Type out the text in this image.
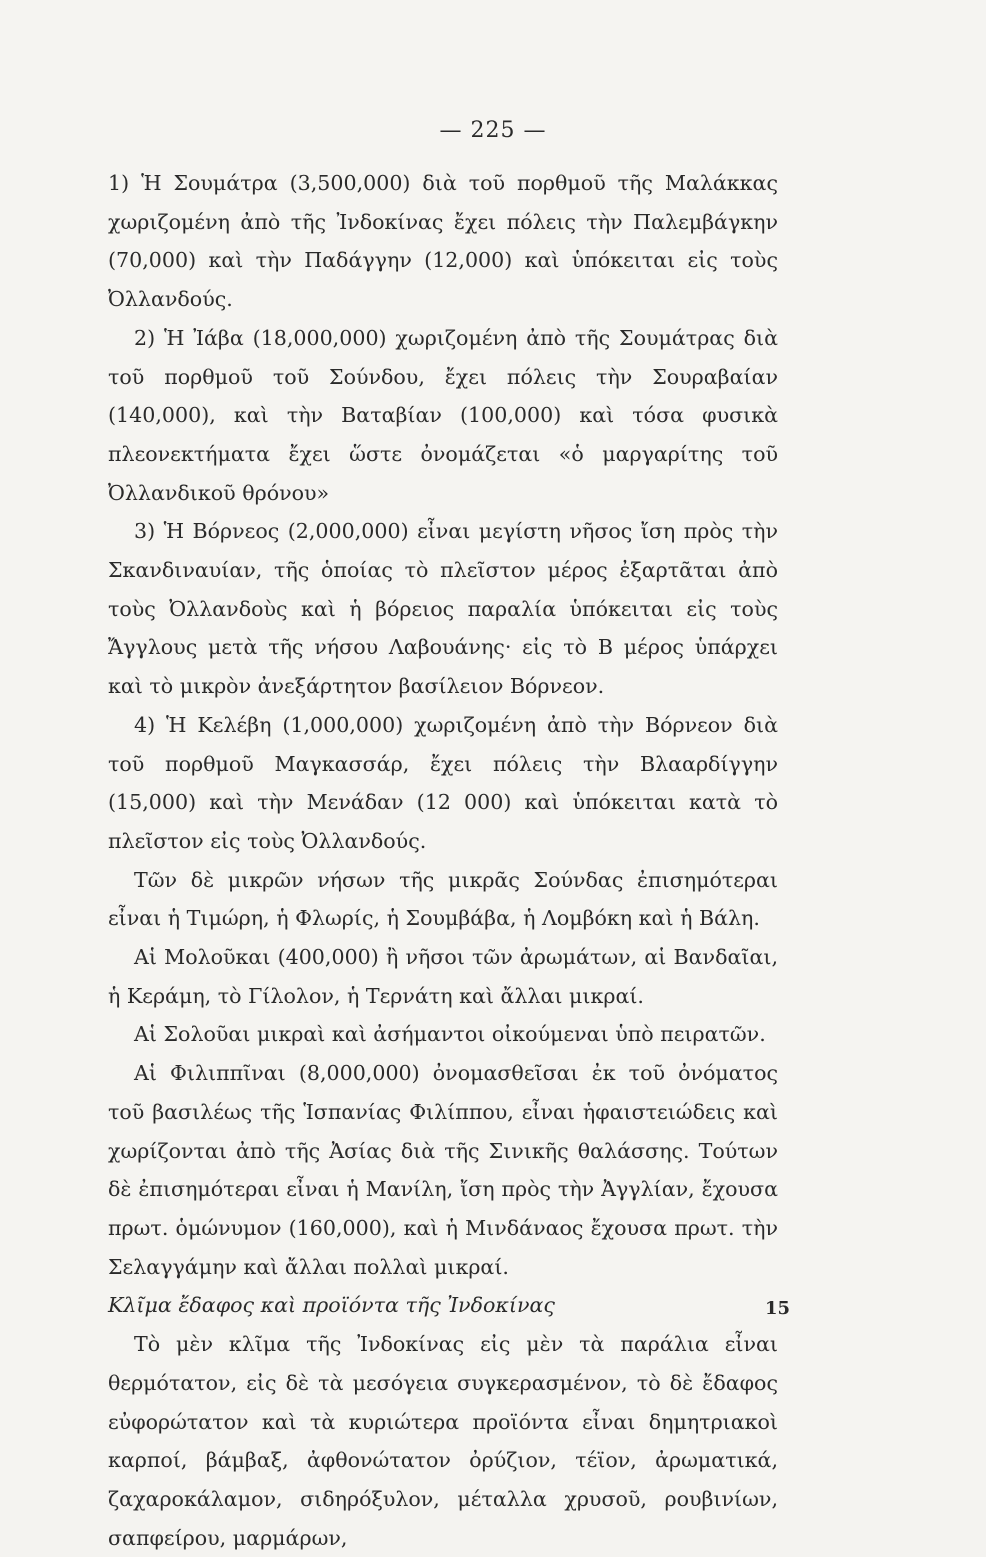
— 225 —

1) Ἡ Σουμάτρα (3,500,000) διὰ τοῦ πορθμοῦ τῆς Μαλάκκας χωριζομένη ἀπὸ τῆς Ἰνδοκίνας ἔχει πόλεις τὴν Παλεμβάγκην (70,000) καὶ τὴν Παδάγγην (12,000) καὶ ὑπόκειται εἰς τοὺς Ὀλλανδούς.

2) Ἡ Ἰάβα (18,000,000) χωριζομένη ἀπὸ τῆς Σουμάτρας διὰ τοῦ πορθμοῦ τοῦ Σούνδου, ἔχει πόλεις τὴν Σουραβαίαν (140,000), καὶ τὴν Βαταβίαν (100,000) καὶ τόσα φυσικὰ πλεονεκτήματα ἔχει ὥστε ὀνομάζεται «ὁ μαργαρίτης τοῦ Ὀλλανδικοῦ θρόνου»

3) Ἡ Βόρνεος (2,000,000) εἶναι μεγίστη νῆσος ἴση πρὸς τὴν Σκανδιναυίαν, τῆς ὁποίας τὸ πλεῖστον μέρος ἐξαρτᾶται ἀπὸ τοὺς Ὀλλανδοὺς καὶ ἡ βόρειος παραλία ὑπόκειται εἰς τοὺς Ἄγγλους μετὰ τῆς νήσου Λαβουάνης· εἰς τὸ Β μέρος ὑπάρχει καὶ τὸ μικρὸν ἀνεξάρτητον βασίλειον Βόρνεον.

4) Ἡ Κελέβη (1,000,000) χωριζομένη ἀπὸ τὴν Βόρνεον διὰ τοῦ πορθμοῦ Μαγκασσάρ, ἔχει πόλεις τὴν Βλααρδίγγην (15,000) καὶ τὴν Μενάδαν (12 000) καὶ ὑπόκειται κατὰ τὸ πλεῖστον εἰς τοὺς Ὀλλανδούς.

Τῶν δὲ μικρῶν νήσων τῆς μικρᾶς Σούνδας ἐπισημότεραι εἶναι ἡ Τιμώρη, ἡ Φλωρίς, ἡ Σουμβάβα, ἡ Λομβόκη καὶ ἡ Βάλη.

Αἱ Μολοῦκαι (400,000) ἢ νῆσοι τῶν ἀρωμάτων, αἱ Βανδαῖαι, ἡ Κεράμη, τὸ Γίλολον, ἡ Τερνάτη καὶ ἄλλαι μικραί.

Αἱ Σολοῦαι μικραὶ καὶ ἀσήμαντοι οἰκούμεναι ὑπὸ πειρατῶν.

Αἱ Φιλιππῖναι (8,000,000) ὀνομασθεῖσαι ἐκ τοῦ ὀνόματος τοῦ βασιλέως τῆς Ἱσπανίας Φιλίππου, εἶναι ἡφαιστειώδεις καὶ χωρίζονται ἀπὸ τῆς Ἀσίας διὰ τῆς Σινικῆς θαλάσσης. Τούτων δὲ ἐπισημότεραι εἶναι ἡ Μανίλη, ἴση πρὸς τὴν Ἀγγλίαν, ἔχουσα πρωτ. ὁμώνυμον (160,000), καὶ ἡ Μινδάναος ἔχουσα πρωτ. τὴν Σελαγγάμην καὶ ἄλλαι πολλαὶ μικραί.

Κλῖμα ἔδαφος καὶ προϊόντα τῆς Ἰνδοκίνας

Τὸ μὲν κλῖμα τῆς Ἰνδοκίνας εἰς μὲν τὰ παράλια εἶναι θερμότατον, εἰς δὲ τὰ μεσόγεια συγκερασμένον, τὸ δὲ ἔδαφος εὐφορώτατον καὶ τὰ κυριώτερα προϊόντα εἶναι δημητριακοὶ καρποί, βάμβαξ, ἀφθονώτατον ὀρύζιον, τέϊον, ἀρωματικά, ζαχαροκάλαμον, σιδηρόξυλον, μέταλλα χρυσοῦ, ρουβινίων, σαπφείρου, μαρμάρων,

15
